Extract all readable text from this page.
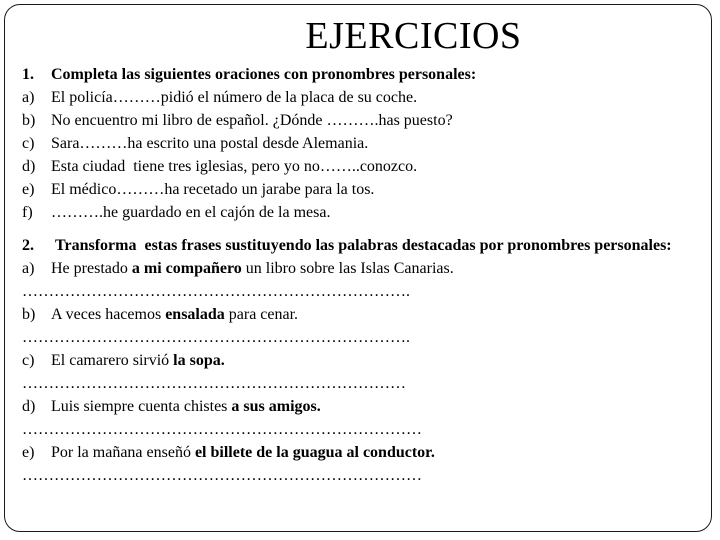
EJERCICIOS
1. Completa las siguientes oraciones con pronombres personales:
a) El policía………pidió el número de la placa de su coche.
b) No encuentro mi libro de español. ¿Dónde ……….has puesto?
c) Sara………ha escrito una postal desde Alemania.
d) Esta ciudad  tiene tres iglesias, pero yo no……..conozco.
e) El médico………ha recetado un jarabe para la tos.
f) ……….he guardado en el cajón de la mesa.
2. Transforma  estas frases sustituyendo las palabras destacadas por pronombres personales:
a) He prestado a mi compañero un libro sobre las Islas Canarias.
……………………………………………………………….
b) A veces hacemos ensalada para cenar.
……………………………………………………………….
c) El camarero sirvió la sopa.
………………………………………………………………
d) Luis siempre cuenta chistes a sus amigos.
…………………………………………………………………
e) Por la mañana enseñó el billete de la guagua al conductor.
…………………………………………………………………
